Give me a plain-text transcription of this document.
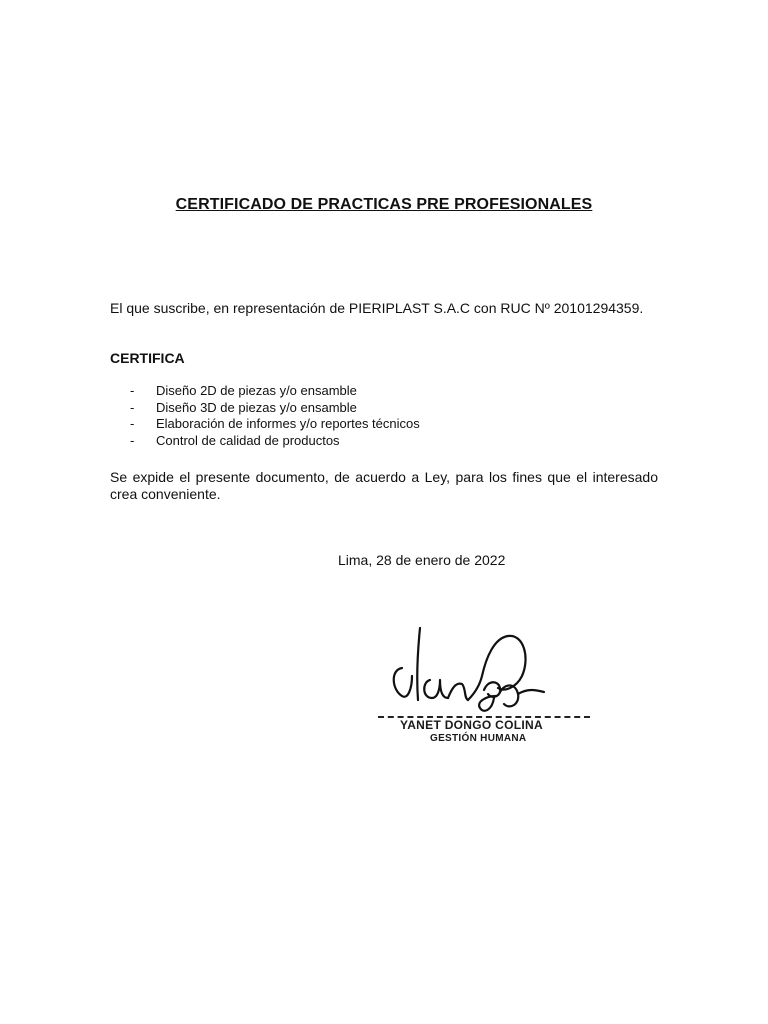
CERTIFICADO DE PRACTICAS PRE PROFESIONALES
El que suscribe, en representación de PIERIPLAST S.A.C con RUC Nº 20101294359.
CERTIFICA
- Diseño 2D de piezas y/o ensamble
- Diseño 3D de piezas y/o ensamble
- Elaboración de informes y/o reportes técnicos
- Control de calidad de productos
Se expide el presente documento, de acuerdo a Ley, para los fines que el interesado crea conveniente.
Lima, 28 de enero de 2022
YANET DONGO COLINA
GESTIÓN HUMANA
